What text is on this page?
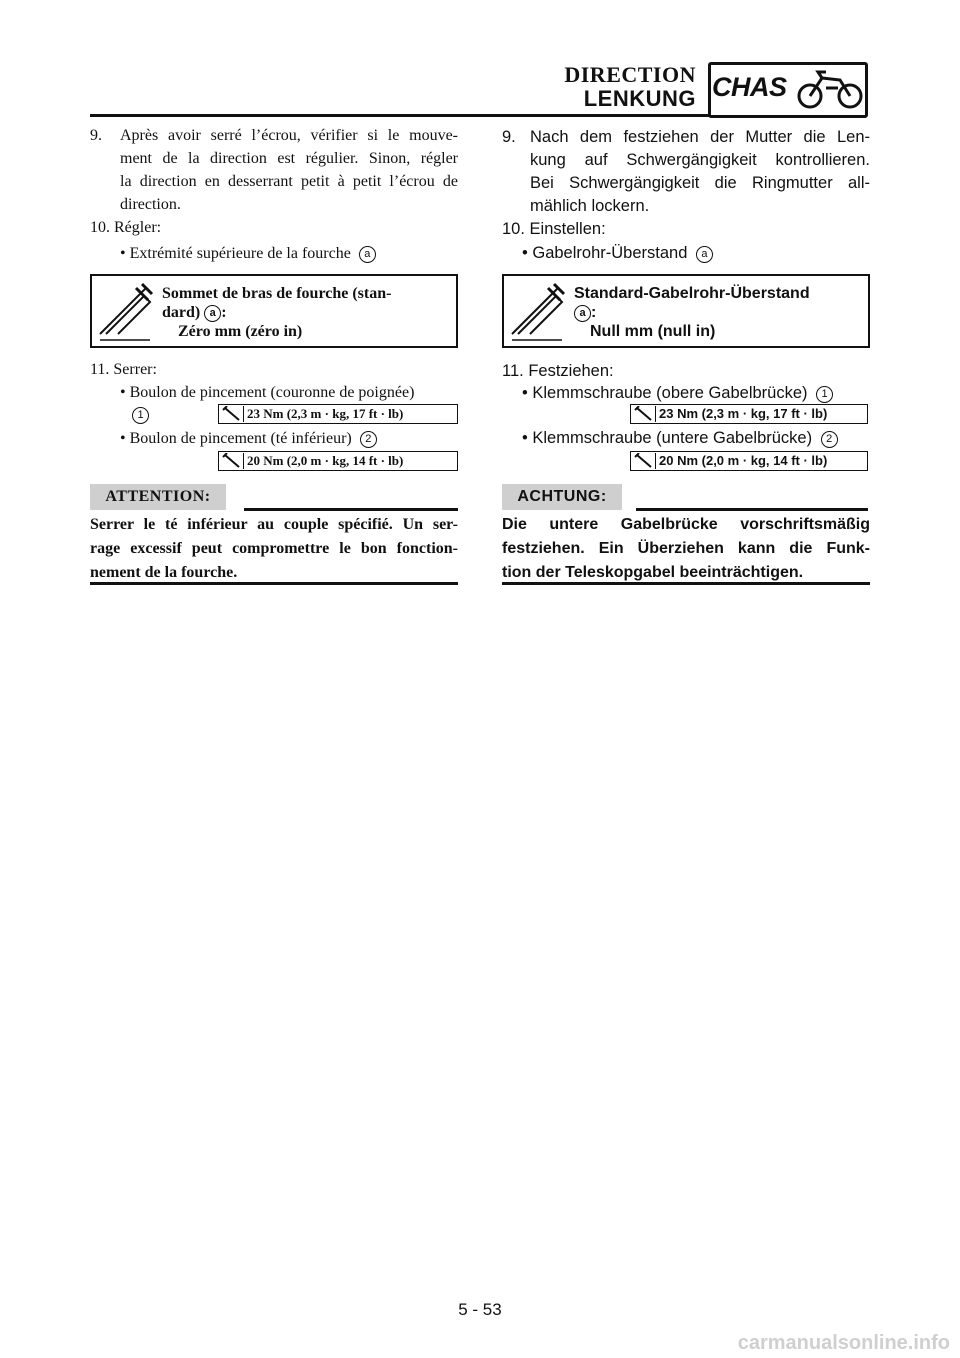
DIRECTION
LENKUNG CHAS
9. Après avoir serré l’écrou, vérifier si le mouve-
ment de la direction est régulier. Sinon, régler
la direction en desserrant petit à petit l’écrou de
direction.
10. Régler:
• Extrémité supérieure de la fourche a
Sommet de bras de fourche (stan-
dard) a :
Zéro mm (zéro in)
11. Serrer:
• Boulon de pincement (couronne de poignée)
1	23 Nm (2,3 m · kg, 17 ft · lb)
• Boulon de pincement (té inférieur) 2
20 Nm (2,0 m · kg, 14 ft · lb)
ATTENTION:
Serrer le té inférieur au couple spécifié. Un ser-
rage excessif peut compromettre le bon fonction-
nement de la fourche.
9. Nach dem festziehen der Mutter die Len-
kung auf Schwergängigkeit kontrollieren.
Bei Schwergängigkeit die Ringmutter all-
mählich lockern.
10. Einstellen:
• Gabelrohr-Überstand a
Standard-Gabelrohr-Überstand
a :
Null mm (null in)
11. Festziehen:
• Klemmschraube (obere Gabelbrücke) 1
23 Nm (2,3 m · kg, 17 ft · lb)
• Klemmschraube (untere Gabelbrücke) 2
20 Nm (2,0 m · kg, 14 ft · lb)
ACHTUNG:
Die untere Gabelbrücke vorschriftsmäßig
festziehen. Ein Überziehen kann die Funk-
tion der Teleskopgabel beeinträchtigen.
5 - 53
carmanualsonline.info
